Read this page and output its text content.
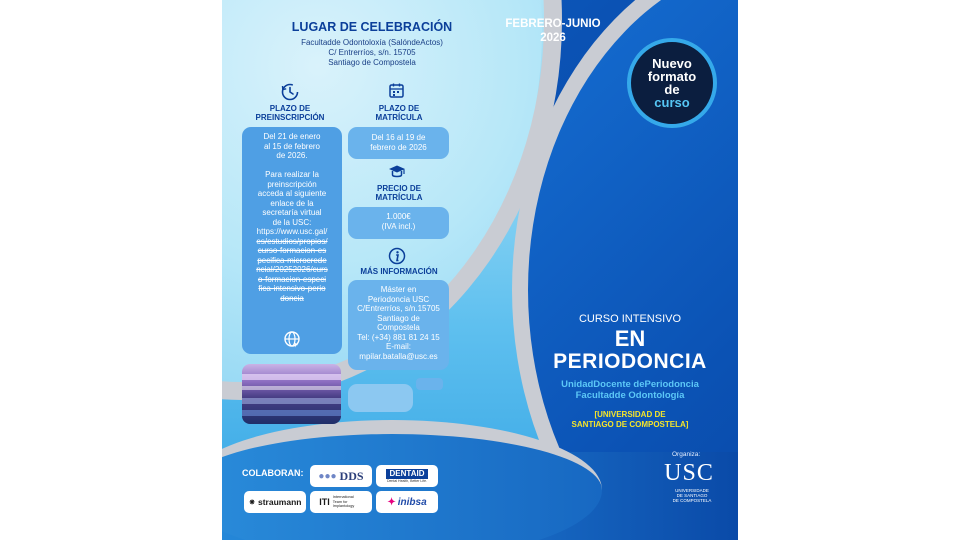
LUGAR DE CELEBRACIÓN
Facultadde Odontoloxía (SalóndeActos)
C/ Entrerríos, s/n. 15705
Santiago de Compostela
FEBRERO-JUNIO
2026
Nuevo
formato
de
curso
PLAZO DE
PREINSCRIPCIÓN
Del 21 de enero
al 15 de febrero
de 2026.
Para realizar la
preinscripción
acceda al siguiente
enlace de la
secretaría virtual
de la USC:
https://www.usc.gal/
es/estudios/propios/
curso-formacion-es
pecifica-microcrede
ncial/20252026/curs
o-formacion-especi
fica-intensivo-perio
doncia
PLAZO DE
MATRÍCULA
Del 16 al 19 de
febrero de 2026
PRECIO DE
MATRÍCULA
1.000€
(IVA incl.)
MÁS INFORMACIÓN
Máster en
Periodoncia USC
C/Entrerríos, s/n.15705
Santiago de
Compostela
Tel: (+34) 881 81 24 15
E-mail:
mpilar.batalla@usc.es
CURSO INTENSIVO
EN
PERIODONCIA
UnidadDocente dePeriodoncia
Facultadde Odontología
[UNIVERSIDAD DE
SANTIAGO DE COMPOSTELA]
Organiza:
USC
UNIVERSIDADE
DE SANTIAGO
DE COMPOSTELA
COLABORAN: ●●● DDS	DENTAID
Dental Health, Better Life.
⁕ straumann ITI International Team for Implantology	✦ inibsa
